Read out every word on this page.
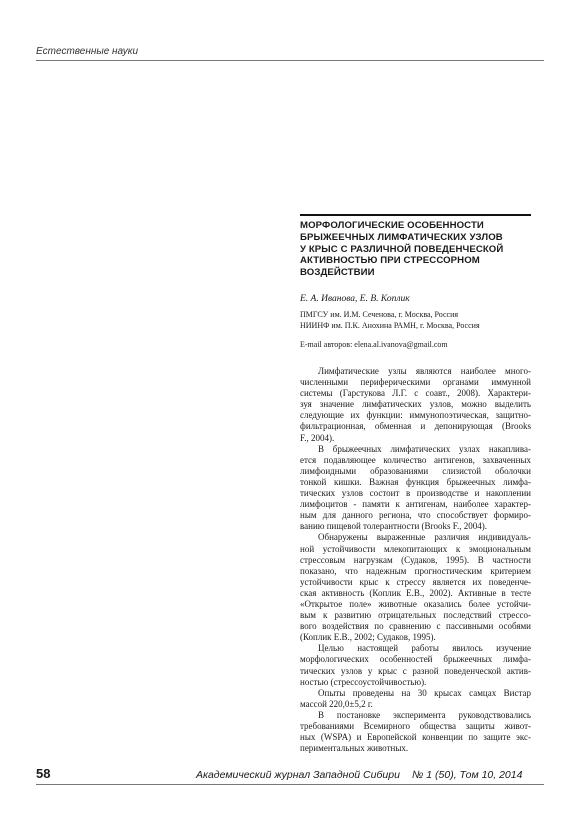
Естественные науки
МОРФОЛОГИЧЕСКИЕ ОСОБЕННОСТИ
БРЫЖЕЕЧНЫХ ЛИМФАТИЧЕСКИХ УЗЛОВ
У КРЫС С РАЗЛИЧНОЙ ПОВЕДЕНЧЕСКОЙ
АКТИВНОСТЬЮ ПРИ СТРЕССОРНОМ
ВОЗДЕЙСТВИИ
Е. А. Иванова, Е. В. Коплик
ПМГСУ им. И.М. Сеченова, г. Москва, Россия
НИИНФ им. П.К. Анохина РАМН, г. Москва, Россия
E-mail авторов: elena.al.ivanova@gmail.com
Лимфатические узлы являются наиболее много-
численными периферическими органами иммунной
системы (Гарстукова Л.Г. с соавт., 2008). Характери-
зуя значение лимфатических узлов, можно выделить
следующие их функции: иммунопоэтическая, защитно-
фильтрационная, обменная и депонирующая (Brooks
F., 2004).
В брыжеечных лимфатических узлах накаплива-
ется подавляющее количество антигенов, захваченных
лимфоидными образованиями слизистой оболочки
тонкой кишки. Важная функция брыжеечных лимфа-
тических узлов состоит в производстве и накоплении
лимфоцитов - памяти к антигенам, наиболее характер-
ным для данного региона, что способствует формиро-
ванию пищевой толерантности (Brooks F., 2004).
Обнаружены выраженные различия индивидуаль-
ной устойчивости млекопитающих к эмоциональным
стрессовым нагрузкам (Судаков, 1995). В частности
показано, что надежным прогностическим критерием
устойчивости крыс к стрессу является их поведенче-
ская активность (Коплик Е.В., 2002). Активные в тесте
«Открытое поле» животные оказались более устойчи-
вым к развитию отрицательных последствий стрессо-
вого воздействия по сравнению с пассивными особями
(Коплик Е.В., 2002; Судаков, 1995).
Целью настоящей работы явилось изучение
морфологических особенностей брыжеечных лимфа-
тических узлов у крыс с разной поведенческой актив-
ностью (стрессоустойчивостью).
Опыты проведены на 30 крысах самцах Вистар
массой 220,0±5,2 г.
В постановке эксперимента руководствовались
требованиями Всемирного общества защиты живот-
ных (WSPA) и Европейской конвенции по защите экс-
периментальных животных.
58	Академический журнал Западной Сибири № 1 (50), Том 10, 2014
